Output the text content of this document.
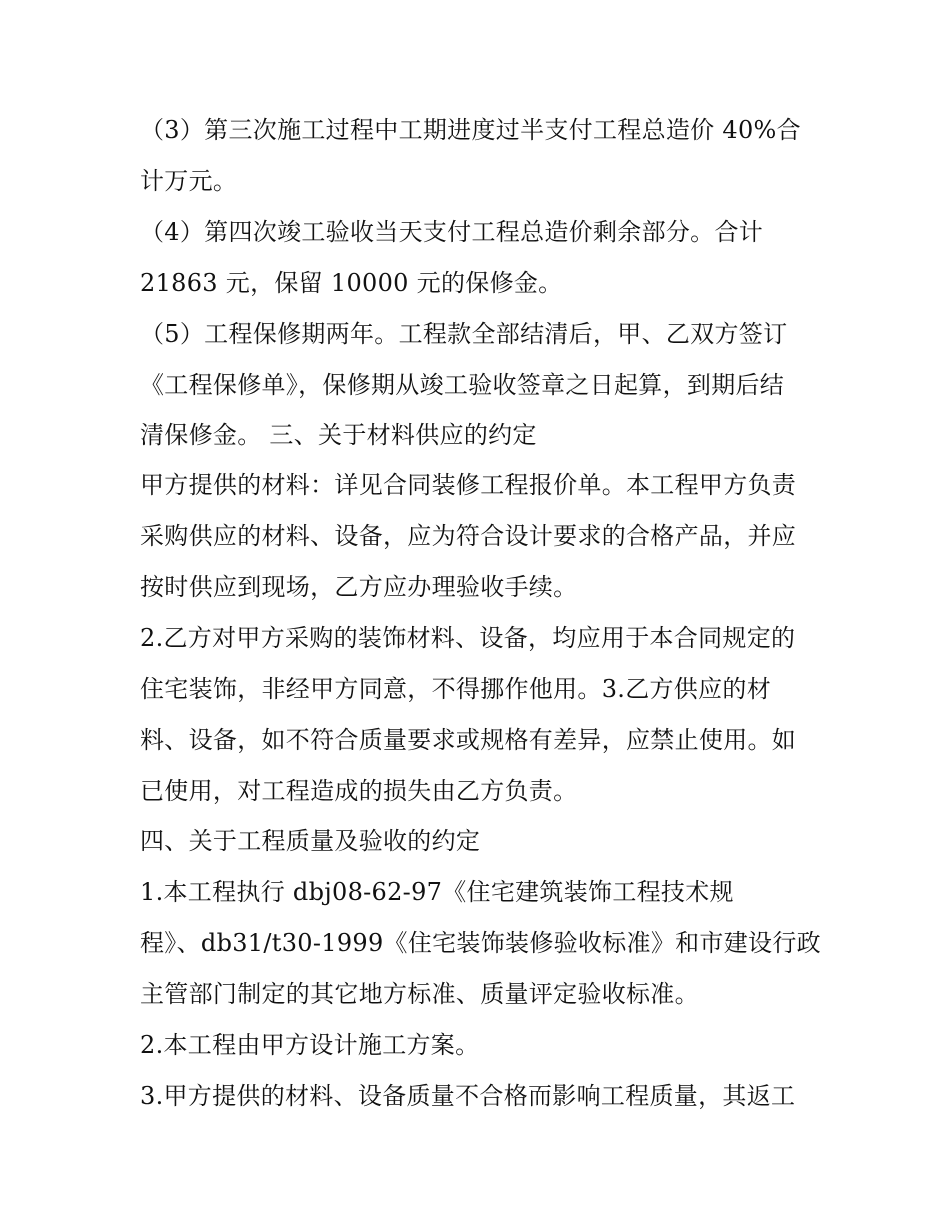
（3）第三次施工过程中工期进度过半支付工程总造价 40%合
计万元。
（4）第四次竣工验收当天支付工程总造价剩余部分。合计
21863 元，保留 10000 元的保修金。
（5）工程保修期两年。工程款全部结清后，甲、乙双方签订
《工程保修单》，保修期从竣工验收签章之日起算，到期后结
清保修金。 三、关于材料供应的约定
甲方提供的材料：详见合同装修工程报价单。本工程甲方负责
采购供应的材料、设备，应为符合设计要求的合格产品，并应
按时供应到现场，乙方应办理验收手续。
2.乙方对甲方采购的装饰材料、设备，均应用于本合同规定的
住宅装饰，非经甲方同意，不得挪作他用。3.乙方供应的材
料、设备，如不符合质量要求或规格有差异，应禁止使用。如
已使用，对工程造成的损失由乙方负责。
四、关于工程质量及验收的约定
1.本工程执行 dbj08-62-97《住宅建筑装饰工程技术规
程》、db31/t30-1999《住宅装饰装修验收标准》和市建设行政
主管部门制定的其它地方标准、质量评定验收标准。
2.本工程由甲方设计施工方案。
3.甲方提供的材料、设备质量不合格而影响工程质量，其返工
